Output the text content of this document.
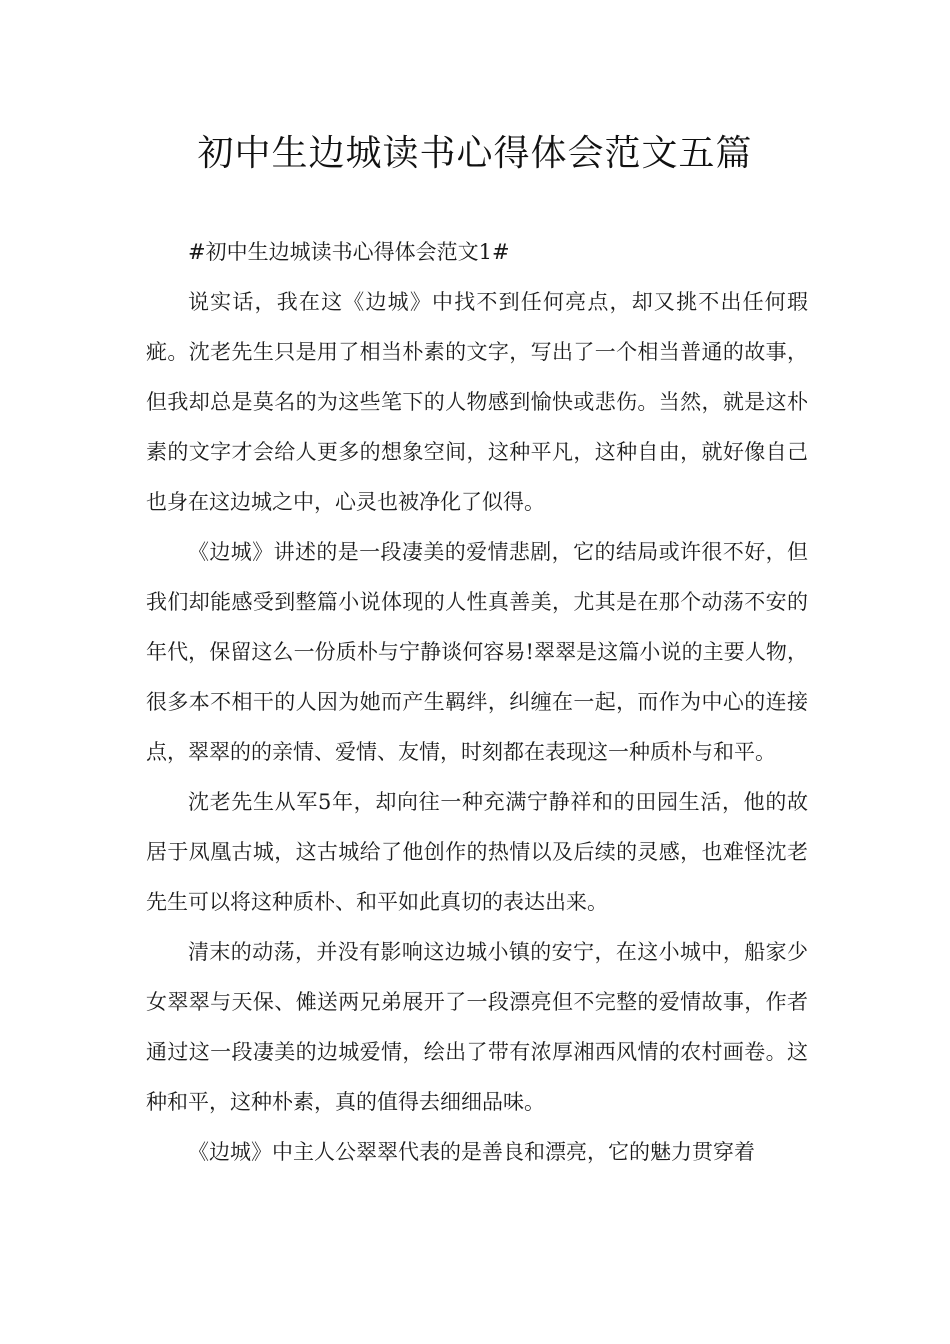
初中生边城读书心得体会范文五篇

#初中生边城读书心得体会范文1#

说实话，我在这《边城》中找不到任何亮点，却又挑不出任何瑕疵。沈老先生只是用了相当朴素的文字，写出了一个相当普通的故事，但我却总是莫名的为这些笔下的人物感到愉快或悲伤。当然，就是这朴素的文字才会给人更多的想象空间，这种平凡，这种自由，就好像自己也身在这边城之中，心灵也被净化了似得。

《边城》讲述的是一段凄美的爱情悲剧，它的结局或许很不好，但我们却能感受到整篇小说体现的人性真善美，尤其是在那个动荡不安的年代，保留这么一份质朴与宁静谈何容易!翠翠是这篇小说的主要人物，很多本不相干的人因为她而产生羁绊，纠缠在一起，而作为中心的连接点，翠翠的的亲情、爱情、友情，时刻都在表现这一种质朴与和平。

沈老先生从军5年，却向往一种充满宁静祥和的田园生活，他的故居于凤凰古城，这古城给了他创作的热情以及后续的灵感，也难怪沈老先生可以将这种质朴、和平如此真切的表达出来。

清末的动荡，并没有影响这边城小镇的安宁，在这小城中，船家少女翠翠与天保、傩送两兄弟展开了一段漂亮但不完整的爱情故事，作者通过这一段凄美的边城爱情，绘出了带有浓厚湘西风情的农村画卷。这种和平，这种朴素，真的值得去细细品味。

《边城》中主人公翠翠代表的是善良和漂亮，它的魅力贯穿着
